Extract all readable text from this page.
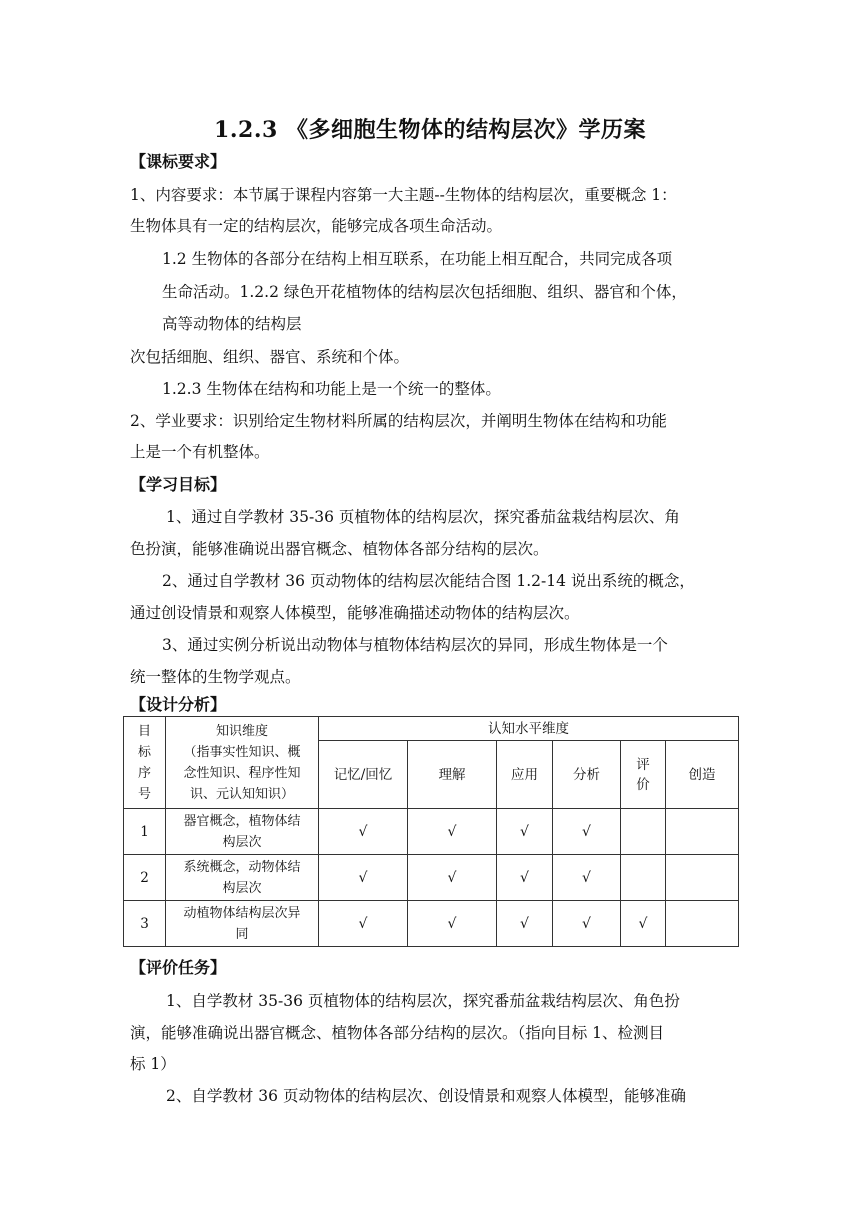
1.2.3 《多细胞生物体的结构层次》学历案
【课标要求】
1、内容要求：本节属于课程内容第一大主题--生物体的结构层次，重要概念 1：
生物体具有一定的结构层次，能够完成各项生命活动。
1.2 生物体的各部分在结构上相互联系，在功能上相互配合，共同完成各项
生命活动。1.2.2 绿色开花植物体的结构层次包括细胞、组织、器官和个体，
高等动物体的结构层
次包括细胞、组织、器官、系统和个体。
1.2.3 生物体在结构和功能上是一个统一的整体。
2、学业要求：识别给定生物材料所属的结构层次，并阐明生物体在结构和功能
上是一个有机整体。
【学习目标】
1、通过自学教材 35-36 页植物体的结构层次，探究番茄盆栽结构层次、角
色扮演，能够准确说出器官概念、植物体各部分结构的层次。
2、通过自学教材 36 页动物体的结构层次能结合图 1.2-14 说出系统的概念，
通过创设情景和观察人体模型，能够准确描述动物体的结构层次。
3、通过实例分析说出动物体与植物体结构层次的异同，形成生物体是一个
统一整体的生物学观点。
【设计分析】
目
标
序
号	知识维度
（指事实性知识、概
念性知识、程序性知
识、元认知知识）	认知水平维度					
		记忆/回忆	理解	应用	分析	评
价	创造
1	器官概念，植物体结
构层次	√	√	√	√		
2	系统概念，动物体结
构层次	√	√	√	√		
3	动植物体结构层次异
同	√	√	√	√	√	
【评价任务】
1、自学教材 35-36 页植物体的结构层次，探究番茄盆栽结构层次、角色扮
演，能够准确说出器官概念、植物体各部分结构的层次。（指向目标 1、检测目
标 1）
2、自学教材 36 页动物体的结构层次、创设情景和观察人体模型，能够准确
